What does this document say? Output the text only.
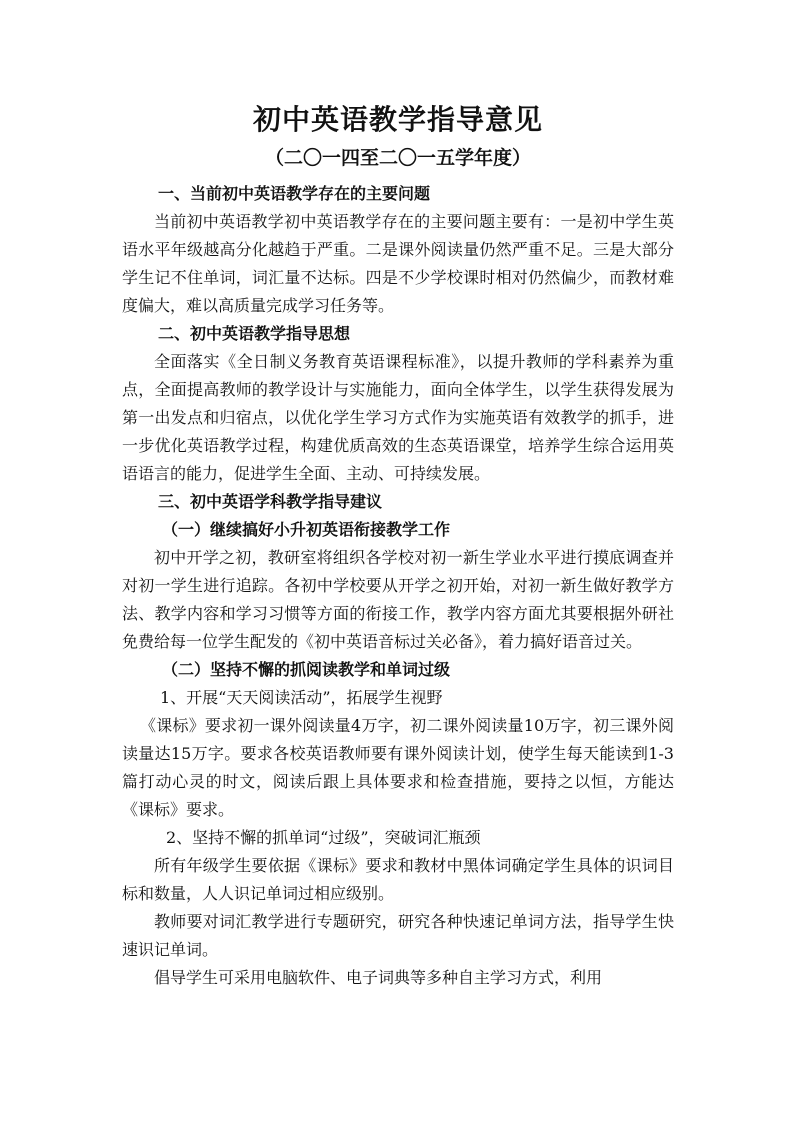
初中英语教学指导意见
（二〇一四至二〇一五学年度）
一、当前初中英语教学存在的主要问题

当前初中英语教学初中英语教学存在的主要问题主要有：一是初中学生英语水平年级越高分化越趋于严重。二是课外阅读量仍然严重不足。三是大部分学生记不住单词，词汇量不达标。四是不少学校课时相对仍然偏少，而教材难度偏大，难以高质量完成学习任务等。

二、初中英语教学指导思想

全面落实《全日制义务教育英语课程标准》，以提升教师的学科素养为重点，全面提高教师的教学设计与实施能力，面向全体学生，以学生获得发展为第一出发点和归宿点，以优化学生学习方式作为实施英语有效教学的抓手，进一步优化英语教学过程，构建优质高效的生态英语课堂，培养学生综合运用英语语言的能力，促进学生全面、主动、可持续发展。

三、初中英语学科教学指导建议
（一）继续搞好小升初英语衔接教学工作

初中开学之初，教研室将组织各学校对初一新生学业水平进行摸底调查并对初一学生进行追踪。各初中学校要从开学之初开始，对初一新生做好教学方法、教学内容和学习习惯等方面的衔接工作，教学内容方面尤其要根据外研社免费给每一位学生配发的《初中英语音标过关必备》，着力搞好语音过关。

（二）坚持不懈的抓阅读教学和单词过级

1、开展“天天阅读活动”，拓展学生视野

《课标》要求初一课外阅读量4万字，初二课外阅读量10万字，初三课外阅读量达15万字。要求各校英语教师要有课外阅读计划，使学生每天能读到1-3篇打动心灵的时文，阅读后跟上具体要求和检查措施，要持之以恒，方能达《课标》要求。

2、坚持不懈的抓单词“过级”，突破词汇瓶颈

所有年级学生要依据《课标》要求和教材中黑体词确定学生具体的识词目标和数量，人人识记单词过相应级别。

教师要对词汇教学进行专题研究，研究各种快速记单词方法，指导学生快速识记单词。

倡导学生可采用电脑软件、电子词典等多种自主学习方式，利用
